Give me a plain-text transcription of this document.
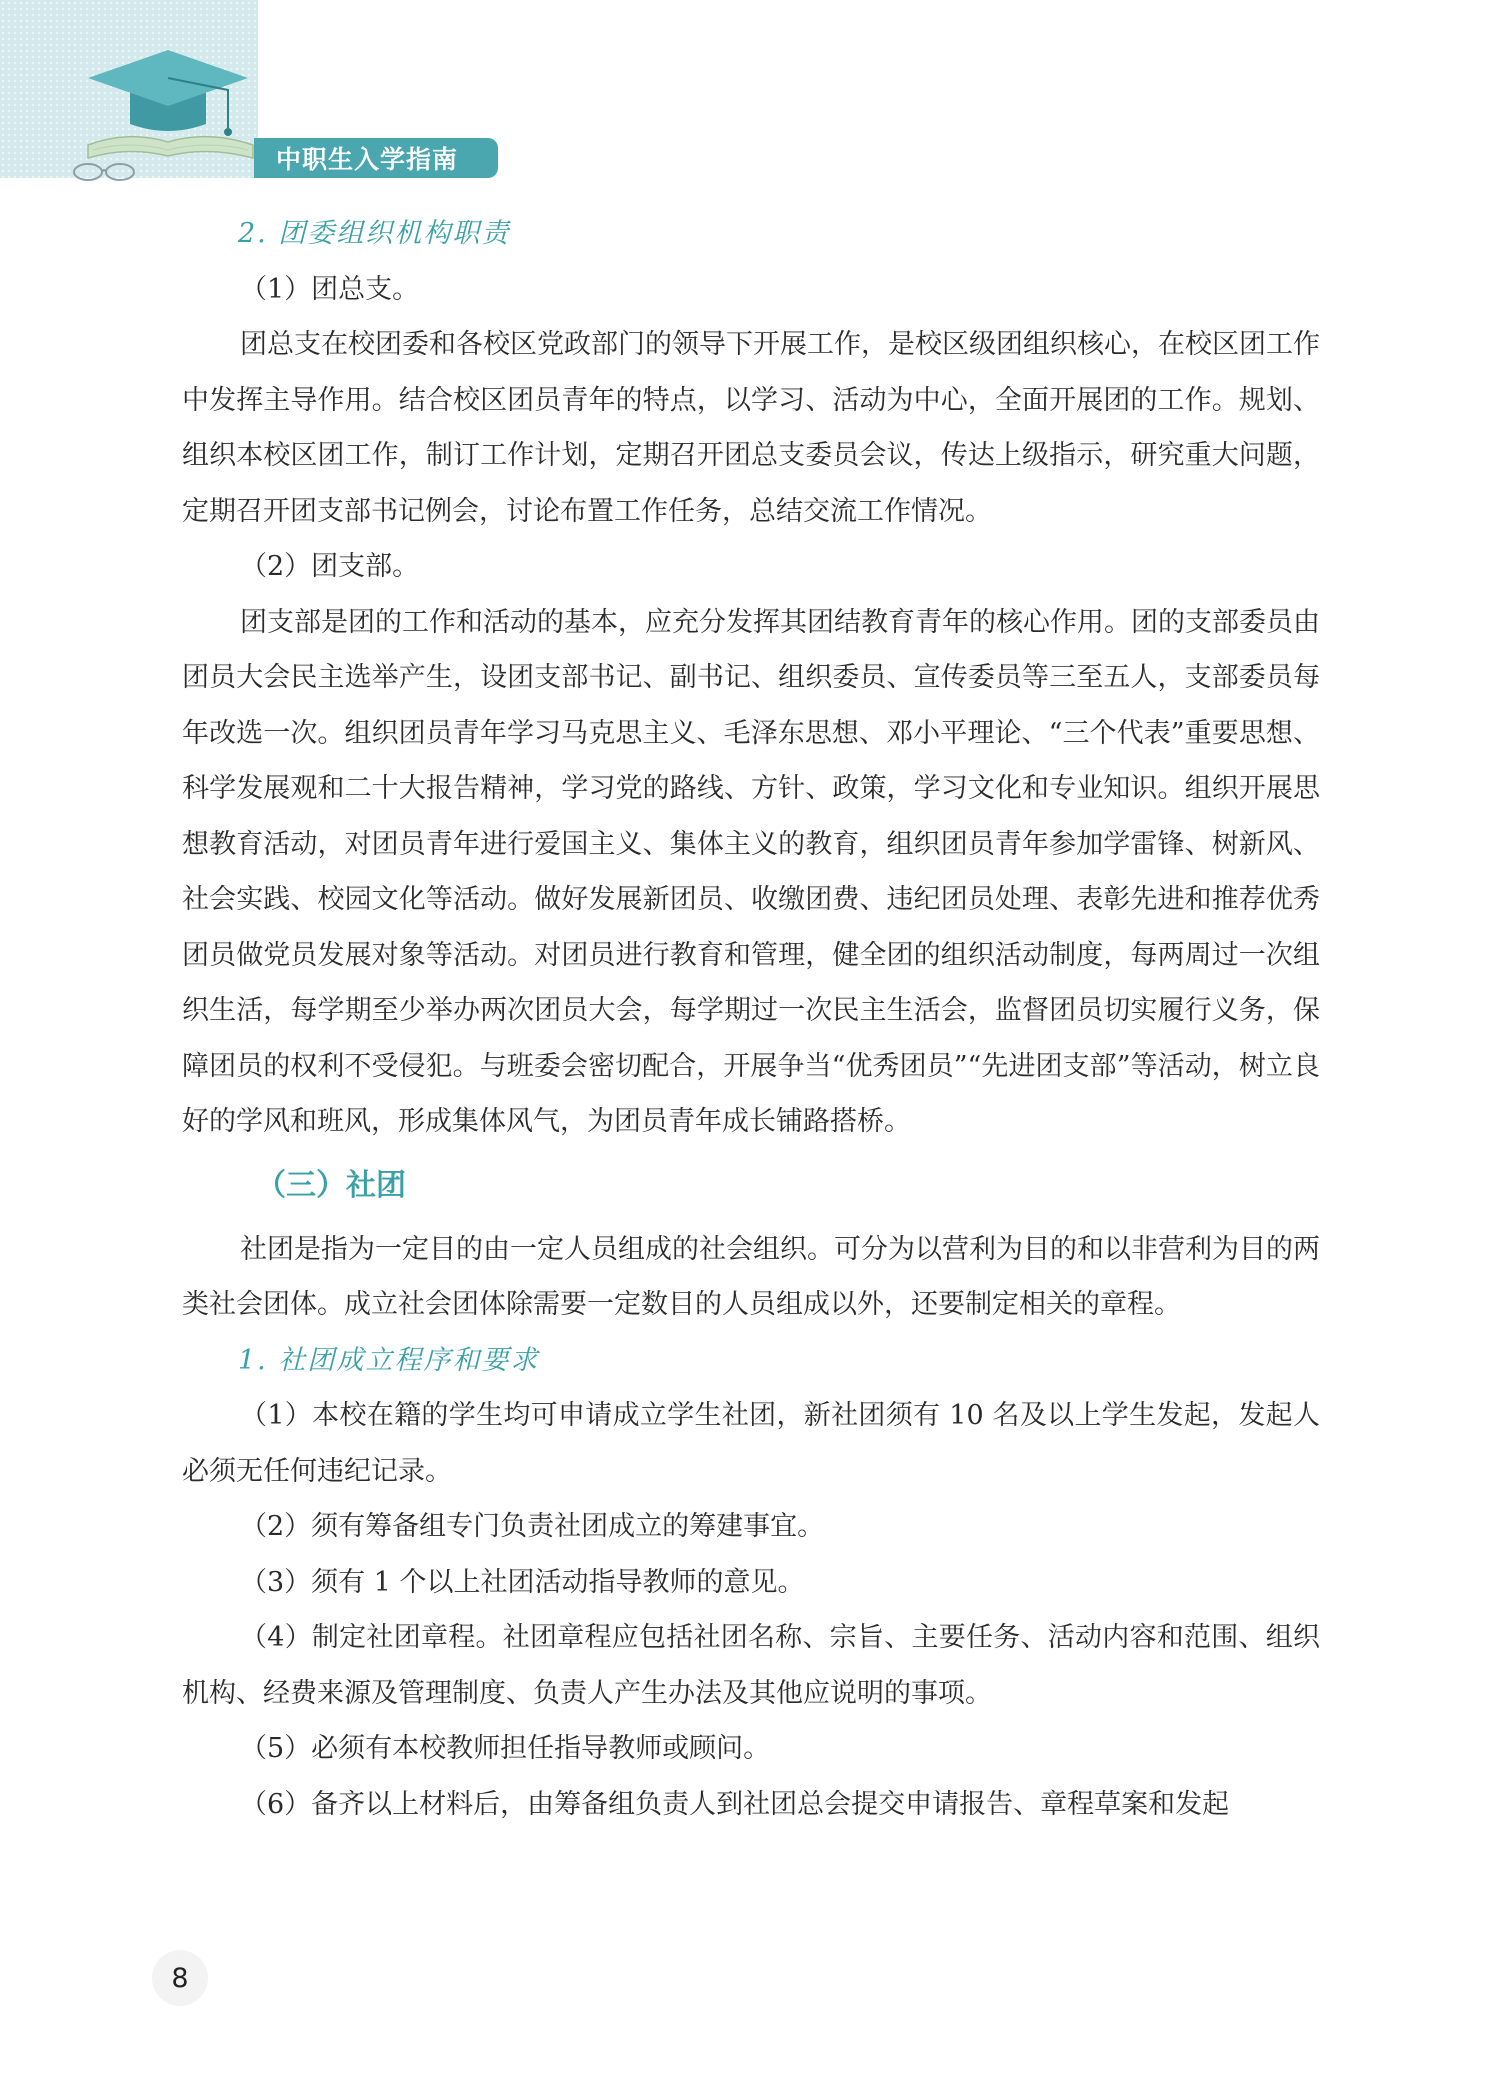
中职生入学指南

2. 团委组织机构职责

（1）团总支。

团总支在校团委和各校区党政部门的领导下开展工作，是校区级团组织核心，在校区团工作中发挥主导作用。结合校区团员青年的特点，以学习、活动为中心，全面开展团的工作。规划、组织本校区团工作，制订工作计划，定期召开团总支委员会议，传达上级指示，研究重大问题，定期召开团支部书记例会，讨论布置工作任务，总结交流工作情况。

（2）团支部。

团支部是团的工作和活动的基本，应充分发挥其团结教育青年的核心作用。团的支部委员由团员大会民主选举产生，设团支部书记、副书记、组织委员、宣传委员等三至五人，支部委员每年改选一次。组织团员青年学习马克思主义、毛泽东思想、邓小平理论、“三个代表”重要思想、科学发展观和二十大报告精神，学习党的路线、方针、政策，学习文化和专业知识。组织开展思想教育活动，对团员青年进行爱国主义、集体主义的教育，组织团员青年参加学雷锋、树新风、社会实践、校园文化等活动。做好发展新团员、收缴团费、违纪团员处理、表彰先进和推荐优秀团员做党员发展对象等活动。对团员进行教育和管理，健全团的组织活动制度，每两周过一次组织生活，每学期至少举办两次团员大会，每学期过一次民主生活会，监督团员切实履行义务，保障团员的权利不受侵犯。与班委会密切配合，开展争当“优秀团员”“先进团支部”等活动，树立良好的学风和班风，形成集体风气，为团员青年成长铺路搭桥。

（三）社团

社团是指为一定目的由一定人员组成的社会组织。可分为以营利为目的和以非营利为目的两类社会团体。成立社会团体除需要一定数目的人员组成以外，还要制定相关的章程。

1. 社团成立程序和要求

（1）本校在籍的学生均可申请成立学生社团，新社团须有 10 名及以上学生发起，发起人必须无任何违纪记录。

（2）须有筹备组专门负责社团成立的筹建事宜。

（3）须有 1 个以上社团活动指导教师的意见。

（4）制定社团章程。社团章程应包括社团名称、宗旨、主要任务、活动内容和范围、组织机构、经费来源及管理制度、负责人产生办法及其他应说明的事项。

（5）必须有本校教师担任指导教师或顾问。

（6）备齐以上材料后，由筹备组负责人到社团总会提交申请报告、章程草案和发起

8
